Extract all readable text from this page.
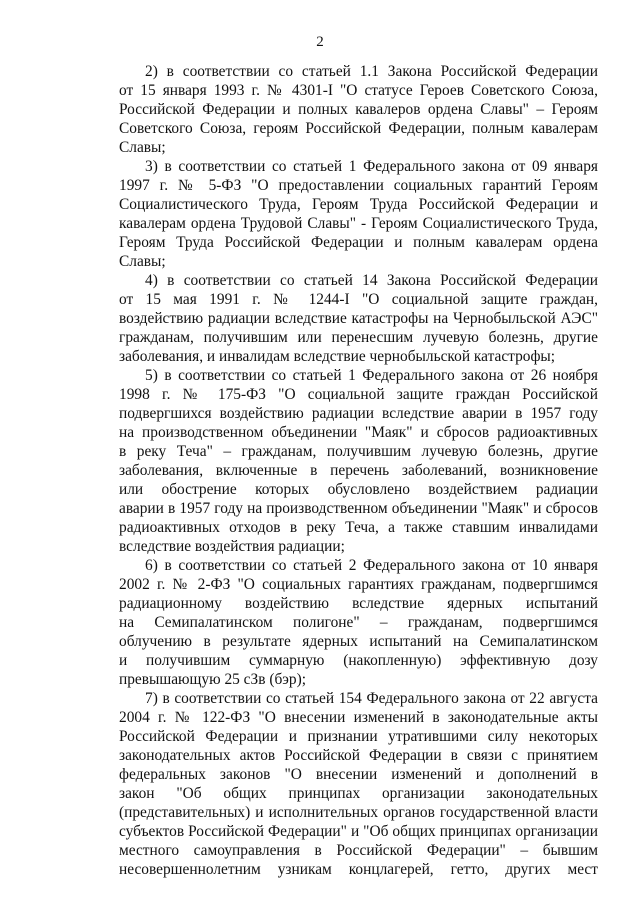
2
2) в соответствии со статьей 1.1 Закона Российской Федерации
от 15 января 1993 г. № 4301-I "О статусе Героев Советского Союза,
Российской Федерации и полных кавалеров ордена Славы" – Героям
Советского Союза, героям Российской Федерации, полным кавалерам
Славы;
3) в соответствии со статьей 1 Федерального закона от 09 января
1997 г. № 5-ФЗ "О предоставлении социальных гарантий Героям
Социалистического Труда, Героям Труда Российской Федерации и
кавалерам ордена Трудовой Славы" - Героям Социалистического Труда,
Героям Труда Российской Федерации и полным кавалерам ордена
Славы;
4) в соответствии со статьей 14 Закона Российской Федерации
от 15 мая 1991 г. № 1244-I "О социальной защите граждан,
воздействию радиации вследствие катастрофы на Чернобыльской АЭС"
гражданам, получившим или перенесшим лучевую болезнь, другие
заболевания, и инвалидам вследствие чернобыльской катастрофы;
5) в соответствии со статьей 1 Федерального закона от 26 ноября
1998 г. № 175-ФЗ "О социальной защите граждан Российской
подвергшихся воздействию радиации вследствие аварии в 1957 году
на производственном объединении "Маяк" и сбросов радиоактивных
в реку Теча" – гражданам, получившим лучевую болезнь, другие
заболевания, включенные в перечень заболеваний, возникновение
или обострение которых обусловлено воздействием радиации
аварии в 1957 году на производственном объединении "Маяк" и сбросов
радиоактивных отходов в реку Теча, а также ставшим инвалидами
вследствие воздействия радиации;
6) в соответствии со статьей 2 Федерального закона от 10 января
2002 г. № 2-ФЗ "О социальных гарантиях гражданам, подвергшимся
радиационному воздействию вследствие ядерных испытаний
на Семипалатинском полигоне" – гражданам, подвергшимся
облучению в результате ядерных испытаний на Семипалатинском
и получившим суммарную (накопленную) эффективную дозу
превышающую 25 сЗв (бэр);
7) в соответствии со статьей 154 Федерального закона от 22 августа
2004 г. № 122-ФЗ "О внесении изменений в законодательные акты
Российской Федерации и признании утратившими силу некоторых
законодательных актов Российской Федерации в связи с принятием
федеральных законов "О внесении изменений и дополнений в
закон "Об общих принципах организации законодательных
(представительных) и исполнительных органов государственной власти
субъектов Российской Федерации" и "Об общих принципах организации
местного самоуправления в Российской Федерации" – бывшим
несовершеннолетним узникам концлагерей, гетто, других мест
